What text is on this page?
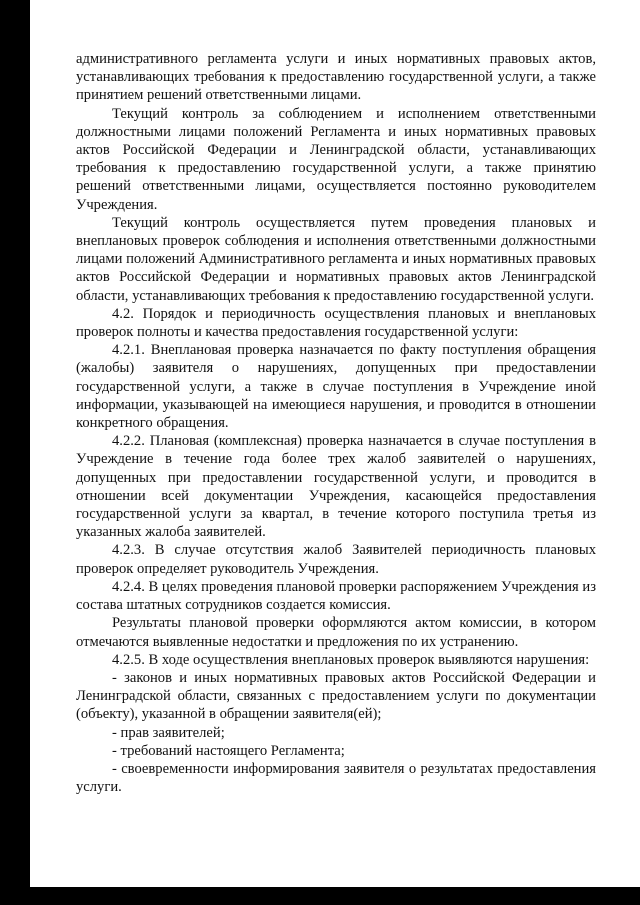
административного регламента услуги и иных нормативных правовых актов, устанавливающих требования к предоставлению государственной услуги, а также принятием решений ответственными лицами.

Текущий контроль за соблюдением и исполнением ответственными должностными лицами положений Регламента и иных нормативных правовых актов Российской Федерации и Ленинградской области, устанавливающих требования к предоставлению государственной услуги, а также принятию решений ответственными лицами, осуществляется постоянно руководителем Учреждения.

Текущий контроль осуществляется путем проведения плановых и внеплановых проверок соблюдения и исполнения ответственными должностными лицами положений Административного регламента и иных нормативных правовых актов Российской Федерации и нормативных правовых актов Ленинградской области, устанавливающих требования к предоставлению государственной услуги.

4.2. Порядок и периодичность осуществления плановых и внеплановых проверок полноты и качества предоставления государственной услуги:

4.2.1. Внеплановая проверка назначается по факту поступления обращения (жалобы) заявителя о нарушениях, допущенных при предоставлении государственной услуги, а также в случае поступления в Учреждение иной информации, указывающей на имеющиеся нарушения, и проводится в отношении конкретного обращения.

4.2.2. Плановая (комплексная) проверка назначается в случае поступления в Учреждение в течение года более трех жалоб заявителей о нарушениях, допущенных при предоставлении государственной услуги, и проводится в отношении всей документации Учреждения, касающейся предоставления государственной услуги за квартал, в течение которого поступила третья из указанных жалоба заявителей.

4.2.3. В случае отсутствия жалоб Заявителей периодичность плановых проверок определяет руководитель Учреждения.

4.2.4. В целях проведения плановой проверки распоряжением Учреждения из состава штатных сотрудников создается комиссия.

Результаты плановой проверки оформляются актом комиссии, в котором отмечаются выявленные недостатки и предложения по их устранению.

4.2.5. В ходе осуществления внеплановых проверок выявляются нарушения:

- законов и иных нормативных правовых актов Российской Федерации и Ленинградской области, связанных с предоставлением услуги по документации (объекту), указанной в обращении заявителя(ей);

- прав заявителей;

- требований настоящего Регламента;

- своевременности информирования заявителя о результатах предоставления услуги.
